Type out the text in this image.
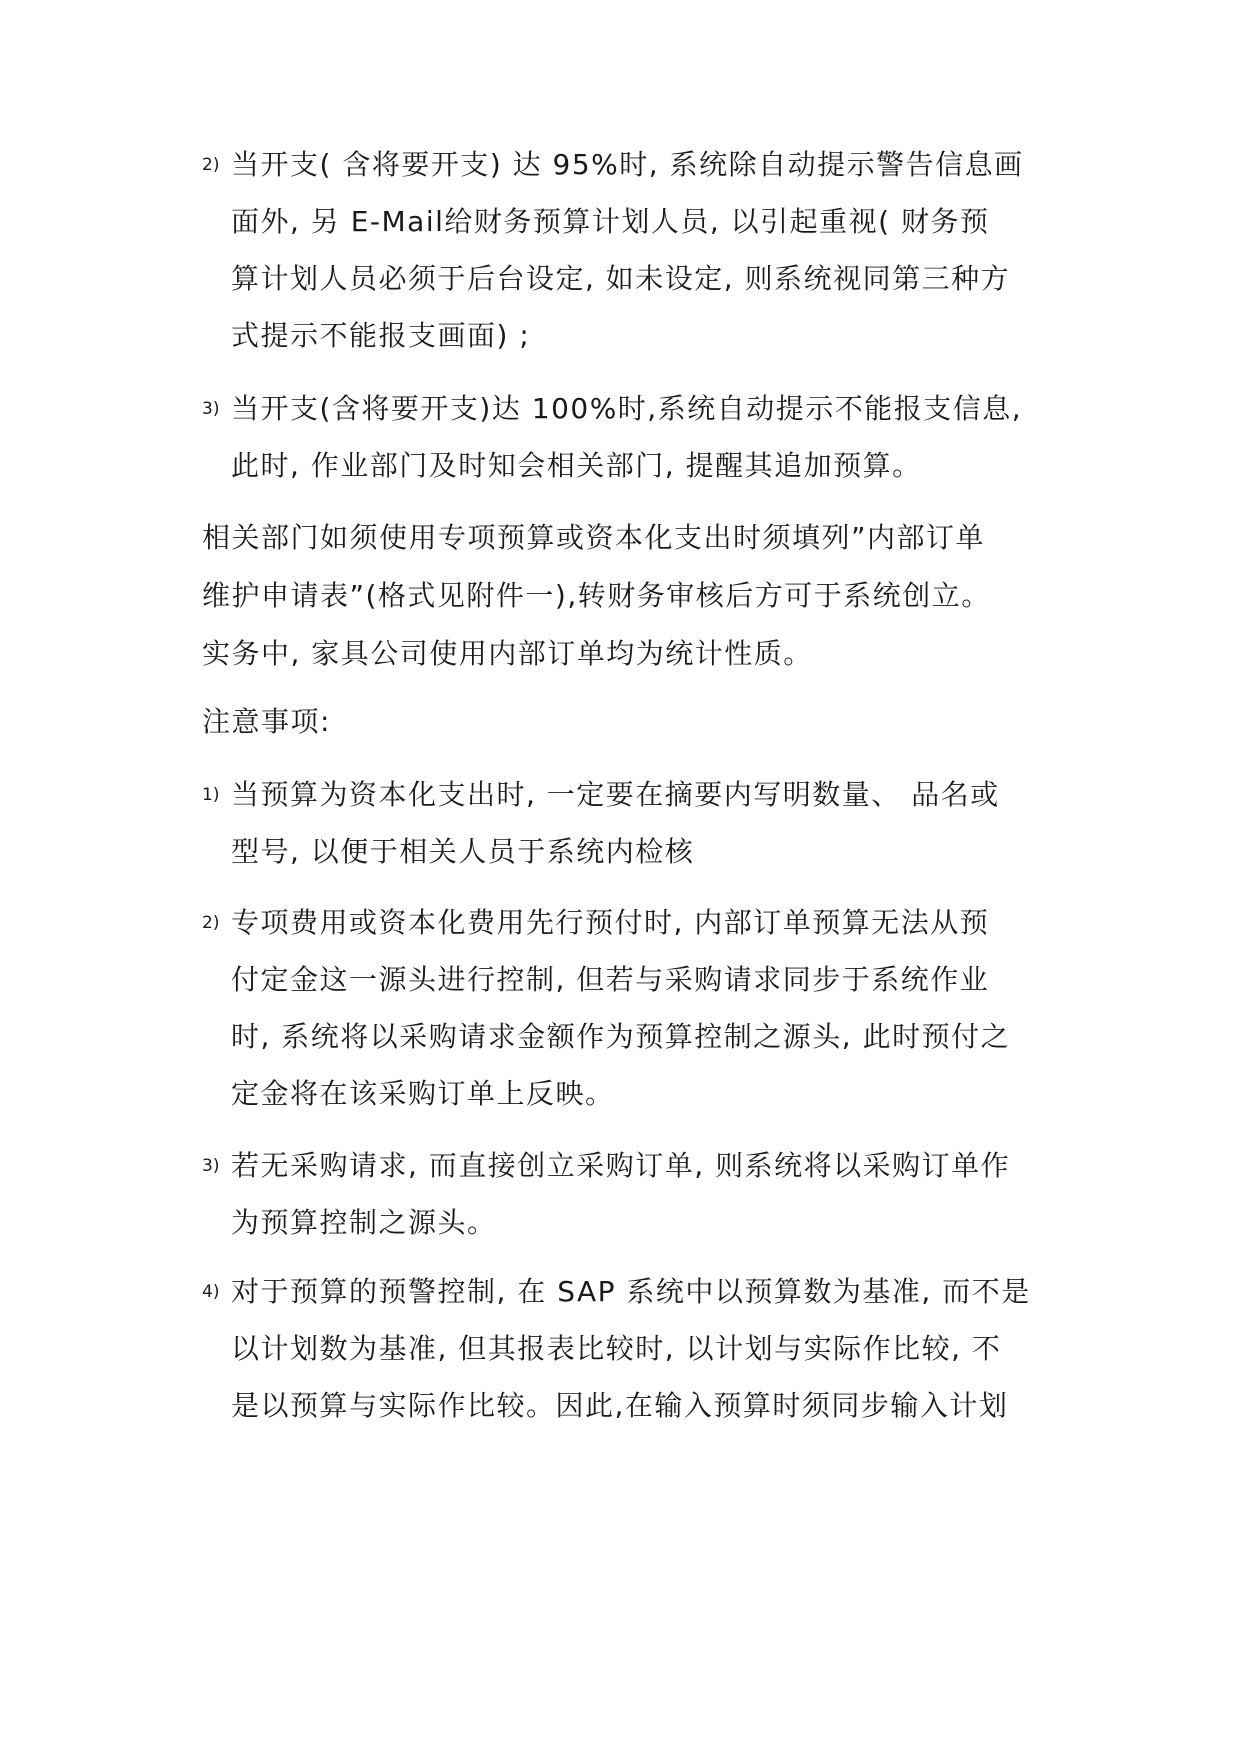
2) 当开支( 含将要开支) 达 95%时, 系统除自动提示警告信息画
面外, 另 E-Mail给财务预算计划人员, 以引起重视( 财务预
算计划人员必须于后台设定, 如未设定, 则系统视同第三种方
式提示不能报支画面) ;
3) 当开支(含将要开支)达 100%时,系统自动提示不能报支信息,
此时, 作业部门及时知会相关部门, 提醒其追加预算。
相关部门如须使用专项预算或资本化支出时须填列”内部订单
维护申请表”(格式见附件一),转财务审核后方可于系统创立。
实务中, 家具公司使用内部订单均为统计性质。
注意事项:
1) 当预算为资本化支出时, 一定要在摘要内写明数量、 品名或
型号, 以便于相关人员于系统内检核
2) 专项费用或资本化费用先行预付时, 内部订单预算无法从预
付定金这一源头进行控制, 但若与采购请求同步于系统作业
时, 系统将以采购请求金额作为预算控制之源头, 此时预付之
定金将在该采购订单上反映。
3) 若无采购请求, 而直接创立采购订单, 则系统将以采购订单作
为预算控制之源头。
4) 对于预算的预警控制, 在 SAP 系统中以预算数为基准, 而不是
以计划数为基准, 但其报表比较时, 以计划与实际作比较, 不
是以预算与实际作比较。因此,在输入预算时须同步输入计划
